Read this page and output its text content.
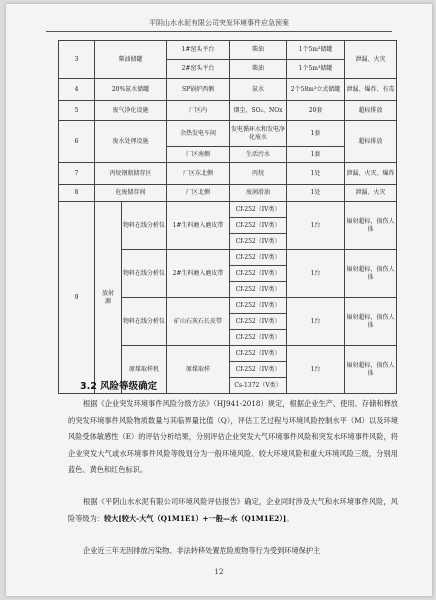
平阴山水水泥有限公司突发环境事件应急预案
3	柴油储罐		1#窑头平台	柴油	1个5m³储罐	泄漏、火灾
			2#窑头平台	柴油	1个5m³储罐	
4	20%氨水储罐		SP锅炉西侧	氨水	2个58m³立式储罐	泄漏、爆炸、有毒
5	废气净化设施		厂区内	烟尘、SO₂、NOx	20套	超标排放
6	废水处理设施		余热发电车间	发电循环水和发电净化废水	1套	超标排放
			厂区南侧	生活污水	1套	
7	丙烷钢瓶储存区		厂区东北侧	丙烷	1处	泄漏、火灾、爆炸
8	危废储存间		厂区北侧	废润滑油	1处	泄漏、火灾
9	放射源	物料在线分析仪	1#生料磨入磨皮带	Cf-252（IV类）	1台	辐射超标，损伤人体
				Cf-252（IV类）		
				Cf-252（IV类）		
		物料在线分析仪	2#生料磨入磨皮带	Cf-252（IV类）	1台	辐射超标，损伤人体
				Cf-252（IV类）		
				Cf-252（IV类）		
		物料在线分析仪	矿山石灰石长皮带	Cf-252（IV类）	1台	辐射超标，损伤人体
				Cf-252（IV类）		
				Cf-252（IV类）		
		原煤取样机	原煤取样	Cf-252（IV类）	1台	辐射超标，损伤人体
				Cf-252（IV类）		
				Cs-1372（V类）		
3.2 风险等级确定
根据《企业突发环境事件风险分级方法》（HJ941-2018）规定，根据企业生产、使用、存储和释放的突发环境事件风险物质数量与其临界量比值（Q），评估工艺过程与环境风险控制水平（M）以及环境风险受体敏感性（E）的评估分析结果，分别评估企业突发大气环境事件风险和突发水环境事件风险，将企业突发大气或水环境事件风险等级划分为一般环境风险、较大环境风险和重大环境风险三级，分别用蓝色、黄色和红色标识。
根据《平阴山水水泥有限公司环境风险评估报告》确定，企业同时涉及大气和水环境事件风险，风险等级为：较大[较大-大气（Q1M1E1）+一般—水（Q1M1E2）]。
企业近三年无因排放污染物、非法转移处置危险废物等行为受到环境保护主
12
